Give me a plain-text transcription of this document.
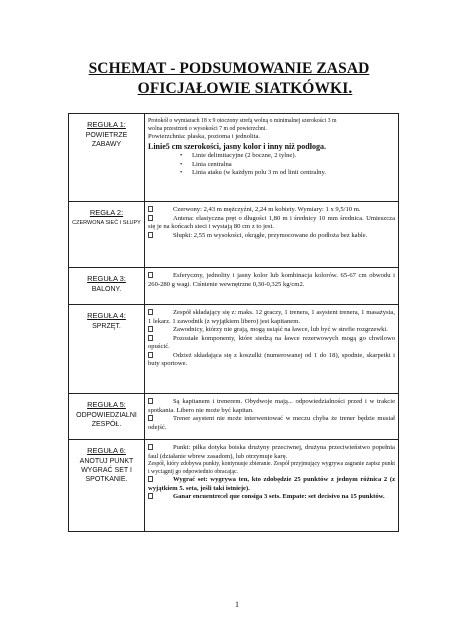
SCHEMAT - PODSUMOWANIE ZASAD
OFICJAŁOWIE SIATKÓWKI.
REGUŁA 1:
POWIETRZE ZABAWY

Protokół o wymiarach 18 x 9 otoczony strefą wolną o minimalnej szerokości 3 m

wolna przestrzeń o wysokości 7 m od powierzchni.

Powierzchnia: płaska, pozioma i jednolita.

Linie5 cm szerokości, jasny kolor i inny niż podłoga.

•	Linie delimitacyjne (2 boczne, 2 tylne).
•	Linia centralna
•	Linia ataku (w każdym polu 3 m od linii centralny.
REGŁA 2:
CZERWONA SIEĆ I SŁUPY

Czerwony: 2,43 m mężczyźni, 2,24 m kobiety. Wymiary: 1 x 9,5/10 m.

Antena: elastyczna pręt o długości 1,80 m i średnicy 10 mm średnica. Umieszcza się je na końcach sieci i wystają 80 cm z to jest.

Słupki: 2,55 m wysokości, okrągłe, przymocowane do podłoża bez kable.

REGUŁA 3:
BALONY.

Esferyczny, jednolity i jasny kolor lub kombinacja kolorów. 65-67 cm obwodu i 260-280 g wagi. Ciśnienie wewnętrzne 0,30-0,325 kg/cm2.

REGUŁA 4:
SPRZĘT.

Zespół składający się z: maks. 12 graczy, 1 trenera, 1 asystent trenera, 1 masażysta, 1 lekarz. 1 zawodnik (z wyjątkiem libero) jest kapitanem.

Zawodnicy, którzy nie grają, mogą usiąść na ławce, lub być w strefie rozgrzewki.

Pozostałe komponenty, które siedzą na ławce rezerwowych mogą go chwilowo opuścić.

Odzież składająca się z koszulki (numerowanej od 1 do 18), spodnie, skarpetki i buty sportowe.

REGUŁA 5:
ODPOWIEDZIALNI ZESPÓŁ.

Są kapitanem i trenerem. Obydwoje mają... odpowiedzialności przed i w trakcie spotkania. Libero nie może być kapitan.

Trener asystent nie może interweniować w meczu chyba że trener będzie musiał odejść.

REGUŁA 6:
ANOTUJ PUNKT WYGRAĆ SET I SPOTKANIE.

Punkt: piłka dotyka boiska drużyny przeciwnej, drużyna przeciwieństwo popełnia faul (działanie wbrew zasadom), lub otrzymuje karę.

Zespół, który zdobywa punkty, kontynuuje zbieranie. Zespół przyjmujący wygrywa zagranie zapisz punkt i wyciągnij go odpowiednio obracając.

Wygrać set: wygrywa ten, kto zdobędzie 25 punktów z jednym różnica 2 (z wyjątkiem 5. seta, jeśli taki istnieje).

Ganar encuentro:el que consiga 3 sets. Empate: set decisivo na 15 punktów.

1
